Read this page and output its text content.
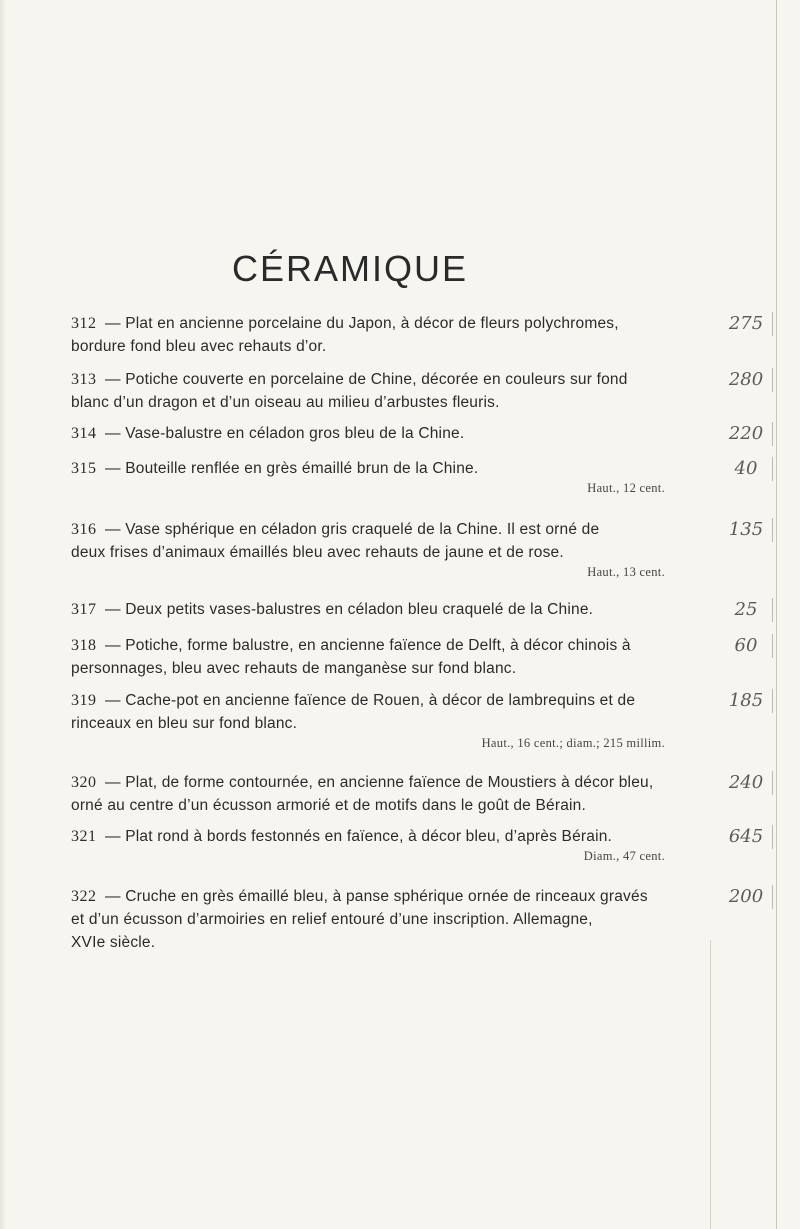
CÉRAMIQUE
312 — Plat en ancienne porcelaine du Japon, à décor de fleurs polychromes,
bordure fond bleu avec rehauts d’or.
275
313 — Potiche couverte en porcelaine de Chine, décorée en couleurs sur fond
blanc d’un dragon et d’un oiseau au milieu d’arbustes fleuris.
280
314 — Vase-balustre en céladon gros bleu de la Chine.	220
315 — Bouteille renflée en grès émaillé brun de la Chine.
Haut., 12 cent.
40
316 — Vase sphérique en céladon gris craquelé de la Chine. Il est orné de
deux frises d’animaux émaillés bleu avec rehauts de jaune et de rose.
Haut., 13 cent.
135
317 — Deux petits vases-balustres en céladon bleu craquelé de la Chine.	25
318 — Potiche, forme balustre, en ancienne faïence de Delft, à décor chinois à
personnages, bleu avec rehauts de manganèse sur fond blanc.
60
319 — Cache-pot en ancienne faïence de Rouen, à décor de lambrequins et de
rinceaux en bleu sur fond blanc.
Haut., 16 cent.; diam.; 215 millim.
185
320 — Plat, de forme contournée, en ancienne faïence de Moustiers à décor bleu,
orné au centre d’un écusson armorié et de motifs dans le goût de Bérain.
240
321 — Plat rond à bords festonnés en faïence, à décor bleu, d’après Bérain.
Diam., 47 cent.
645
322 — Cruche en grès émaillé bleu, à panse sphérique ornée de rinceaux gravés
et d’un écusson d’armoiries en relief entouré d’une inscription. Allemagne,
XVIe siècle.
200
